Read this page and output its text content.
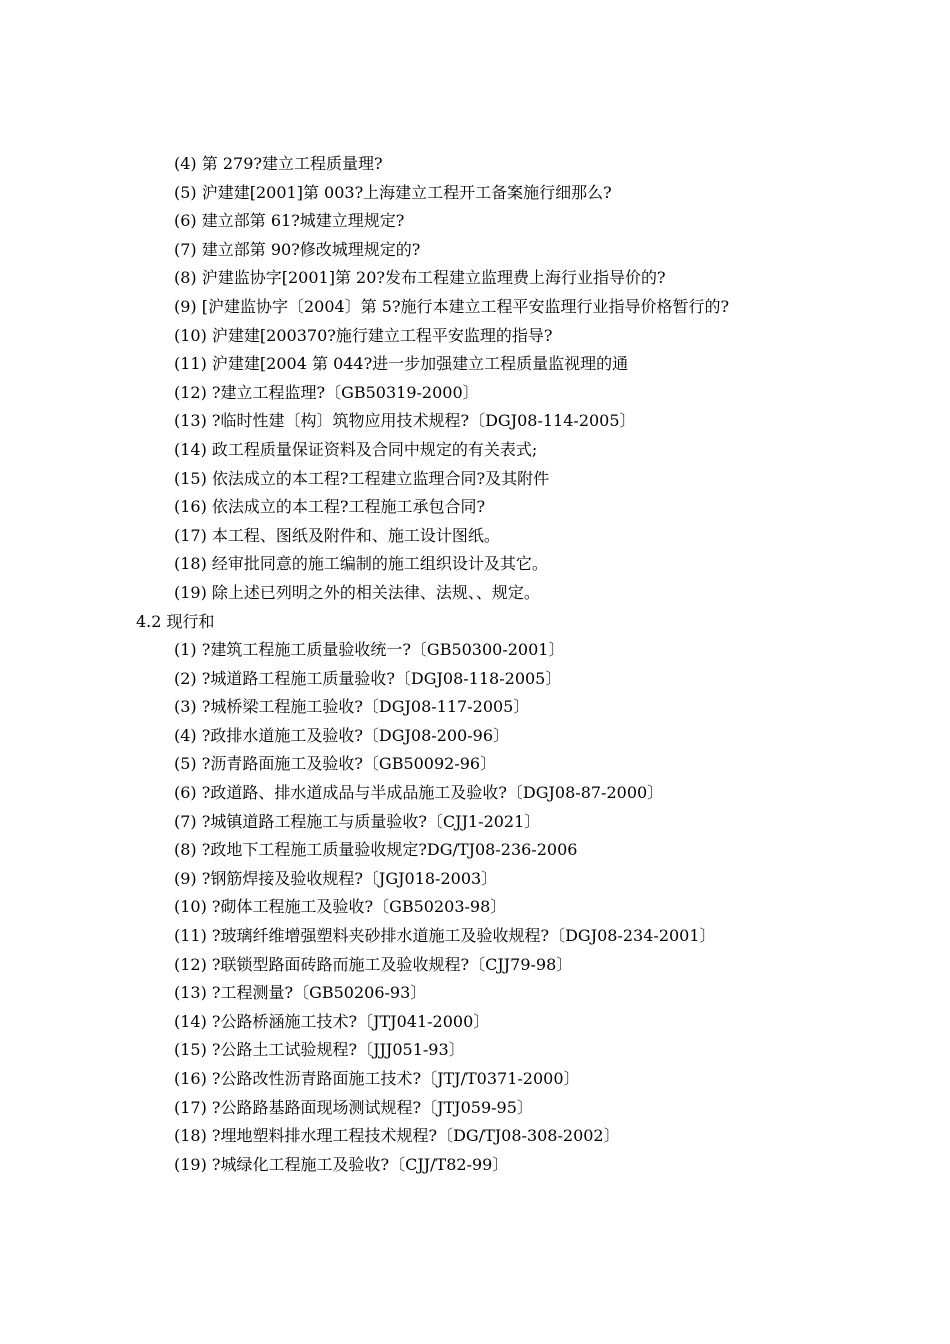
(4) 第 279?建立工程质量理?
(5) 沪建建[2001]第 003?上海建立工程开工备案施行细那么?
(6) 建立部第 61?城建立理规定?
(7) 建立部第 90?修改城理规定的?
(8) 沪建监协字[2001]第 20?发布工程建立监理费上海行业指导价的?
(9) [沪建监协字〔2004〕第 5?施行本建立工程平安监理行业指导价格暂行的?
(10) 沪建建[200370?施行建立工程平安监理的指导?
(11) 沪建建[2004 第 044?进一步加强建立工程质量监视理的通
(12) ?建立工程监理?〔GB50319-2000〕
(13) ?临时性建〔构〕筑物应用技术规程?〔DGJ08-114-2005〕
(14) 政工程质量保证资料及合同中规定的有关表式;
(15) 依法成立的本工程?工程建立监理合同?及其附件
(16) 依法成立的本工程?工程施工承包合同?
(17) 本工程、图纸及附件和、施工设计图纸。
(18) 经审批同意的施工编制的施工组织设计及其它。
(19) 除上述已列明之外的相关法律、法规、、规定。
4.2 现行和
(1) ?建筑工程施工质量验收统一?〔GB50300-2001〕
(2) ?城道路工程施工质量验收?〔DGJ08-118-2005〕
(3) ?城桥梁工程施工验收?〔DGJ08-117-2005〕
(4) ?政排水道施工及验收?〔DGJ08-200-96〕
(5) ?沥青路面施工及验收?〔GB50092-96〕
(6) ?政道路、排水道成品与半成品施工及验收?〔DGJ08-87-2000〕
(7) ?城镇道路工程施工与质量验收?〔CJJ1-2021〕
(8) ?政地下工程施工质量验收规定?DG/TJ08-236-2006
(9) ?钢筋焊接及验收规程?〔JGJ018-2003〕
(10) ?砌体工程施工及验收?〔GB50203-98〕
(11) ?玻璃纤维增强塑料夹砂排水道施工及验收规程?〔DGJ08-234-2001〕
(12) ?联锁型路面砖路而施工及验收规程?〔CJJ79-98〕
(13) ?工程测量?〔GB50206-93〕
(14) ?公路桥涵施工技术?〔JTJ041-2000〕
(15) ?公路土工试验规程?〔JJJ051-93〕
(16) ?公路改性沥青路面施工技术?〔JTJ/T0371-2000〕
(17) ?公路路基路面现场测试规程?〔JTJ059-95〕
(18) ?埋地塑料排水理工程技术规程?〔DG/TJ08-308-2002〕
(19) ?城绿化工程施工及验收?〔CJJ/T82-99〕
